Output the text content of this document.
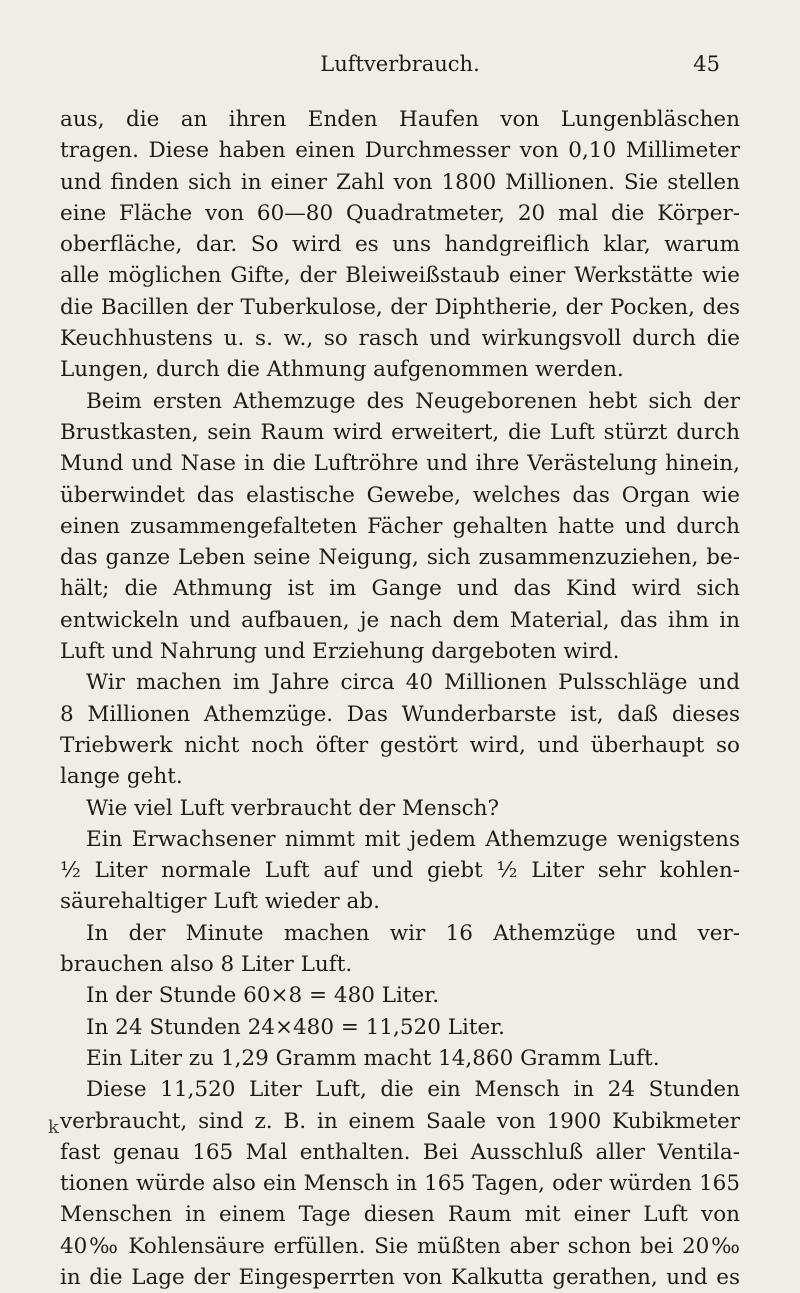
Luftverbrauch.	45
k

aus, die an ihren Enden Haufen von Lungenbläschen

tragen. Diese haben einen Durchmesser von 0,10 Millimeter

und finden sich in einer Zahl von 1800 Millionen. Sie stellen

eine Fläche von 60—80 Quadratmeter, 20 mal die Körper-

oberfläche, dar. So wird es uns handgreiflich klar, warum

alle möglichen Gifte, der Bleiweißstaub einer Werkstätte wie

die Bacillen der Tuberkulose, der Diphtherie, der Pocken, des

Keuchhustens u. s. w., so rasch und wirkungsvoll durch die

Lungen, durch die Athmung aufgenommen werden.

Beim ersten Athemzuge des Neugeborenen hebt sich der

Brustkasten, sein Raum wird erweitert, die Luft stürzt durch

Mund und Nase in die Luftröhre und ihre Verästelung hinein,

überwindet das elastische Gewebe, welches das Organ wie

einen zusammengefalteten Fächer gehalten hatte und durch

das ganze Leben seine Neigung, sich zusammenzuziehen, be-

hält; die Athmung ist im Gange und das Kind wird sich

entwickeln und aufbauen, je nach dem Material, das ihm in

Luft und Nahrung und Erziehung dargeboten wird.

Wir machen im Jahre circa 40 Millionen Pulsschläge und

8 Millionen Athemzüge. Das Wunderbarste ist, daß dieses

Triebwerk nicht noch öfter gestört wird, und überhaupt so

lange geht.

Wie viel Luft verbraucht der Mensch?

Ein Erwachsener nimmt mit jedem Athemzuge wenigstens

½ Liter normale Luft auf und giebt ½ Liter sehr kohlen-

säurehaltiger Luft wieder ab.

In der Minute machen wir 16 Athemzüge und ver-

brauchen also 8 Liter Luft.

In der Stunde 60×8 = 480 Liter.

In 24 Stunden 24×480 = 11,520 Liter.

Ein Liter zu 1,29 Gramm macht 14,860 Gramm Luft.

Diese 11,520 Liter Luft, die ein Mensch in 24 Stunden

verbraucht, sind z. B. in einem Saale von 1900 Kubikmeter

fast genau 165 Mal enthalten. Bei Ausschluß aller Ventila-

tionen würde also ein Mensch in 165 Tagen, oder würden 165

Menschen in einem Tage diesen Raum mit einer Luft von

40‰ Kohlensäure erfüllen. Sie müßten aber schon bei 20‰

in die Lage der Eingesperrten von Kalkutta gerathen, und es
